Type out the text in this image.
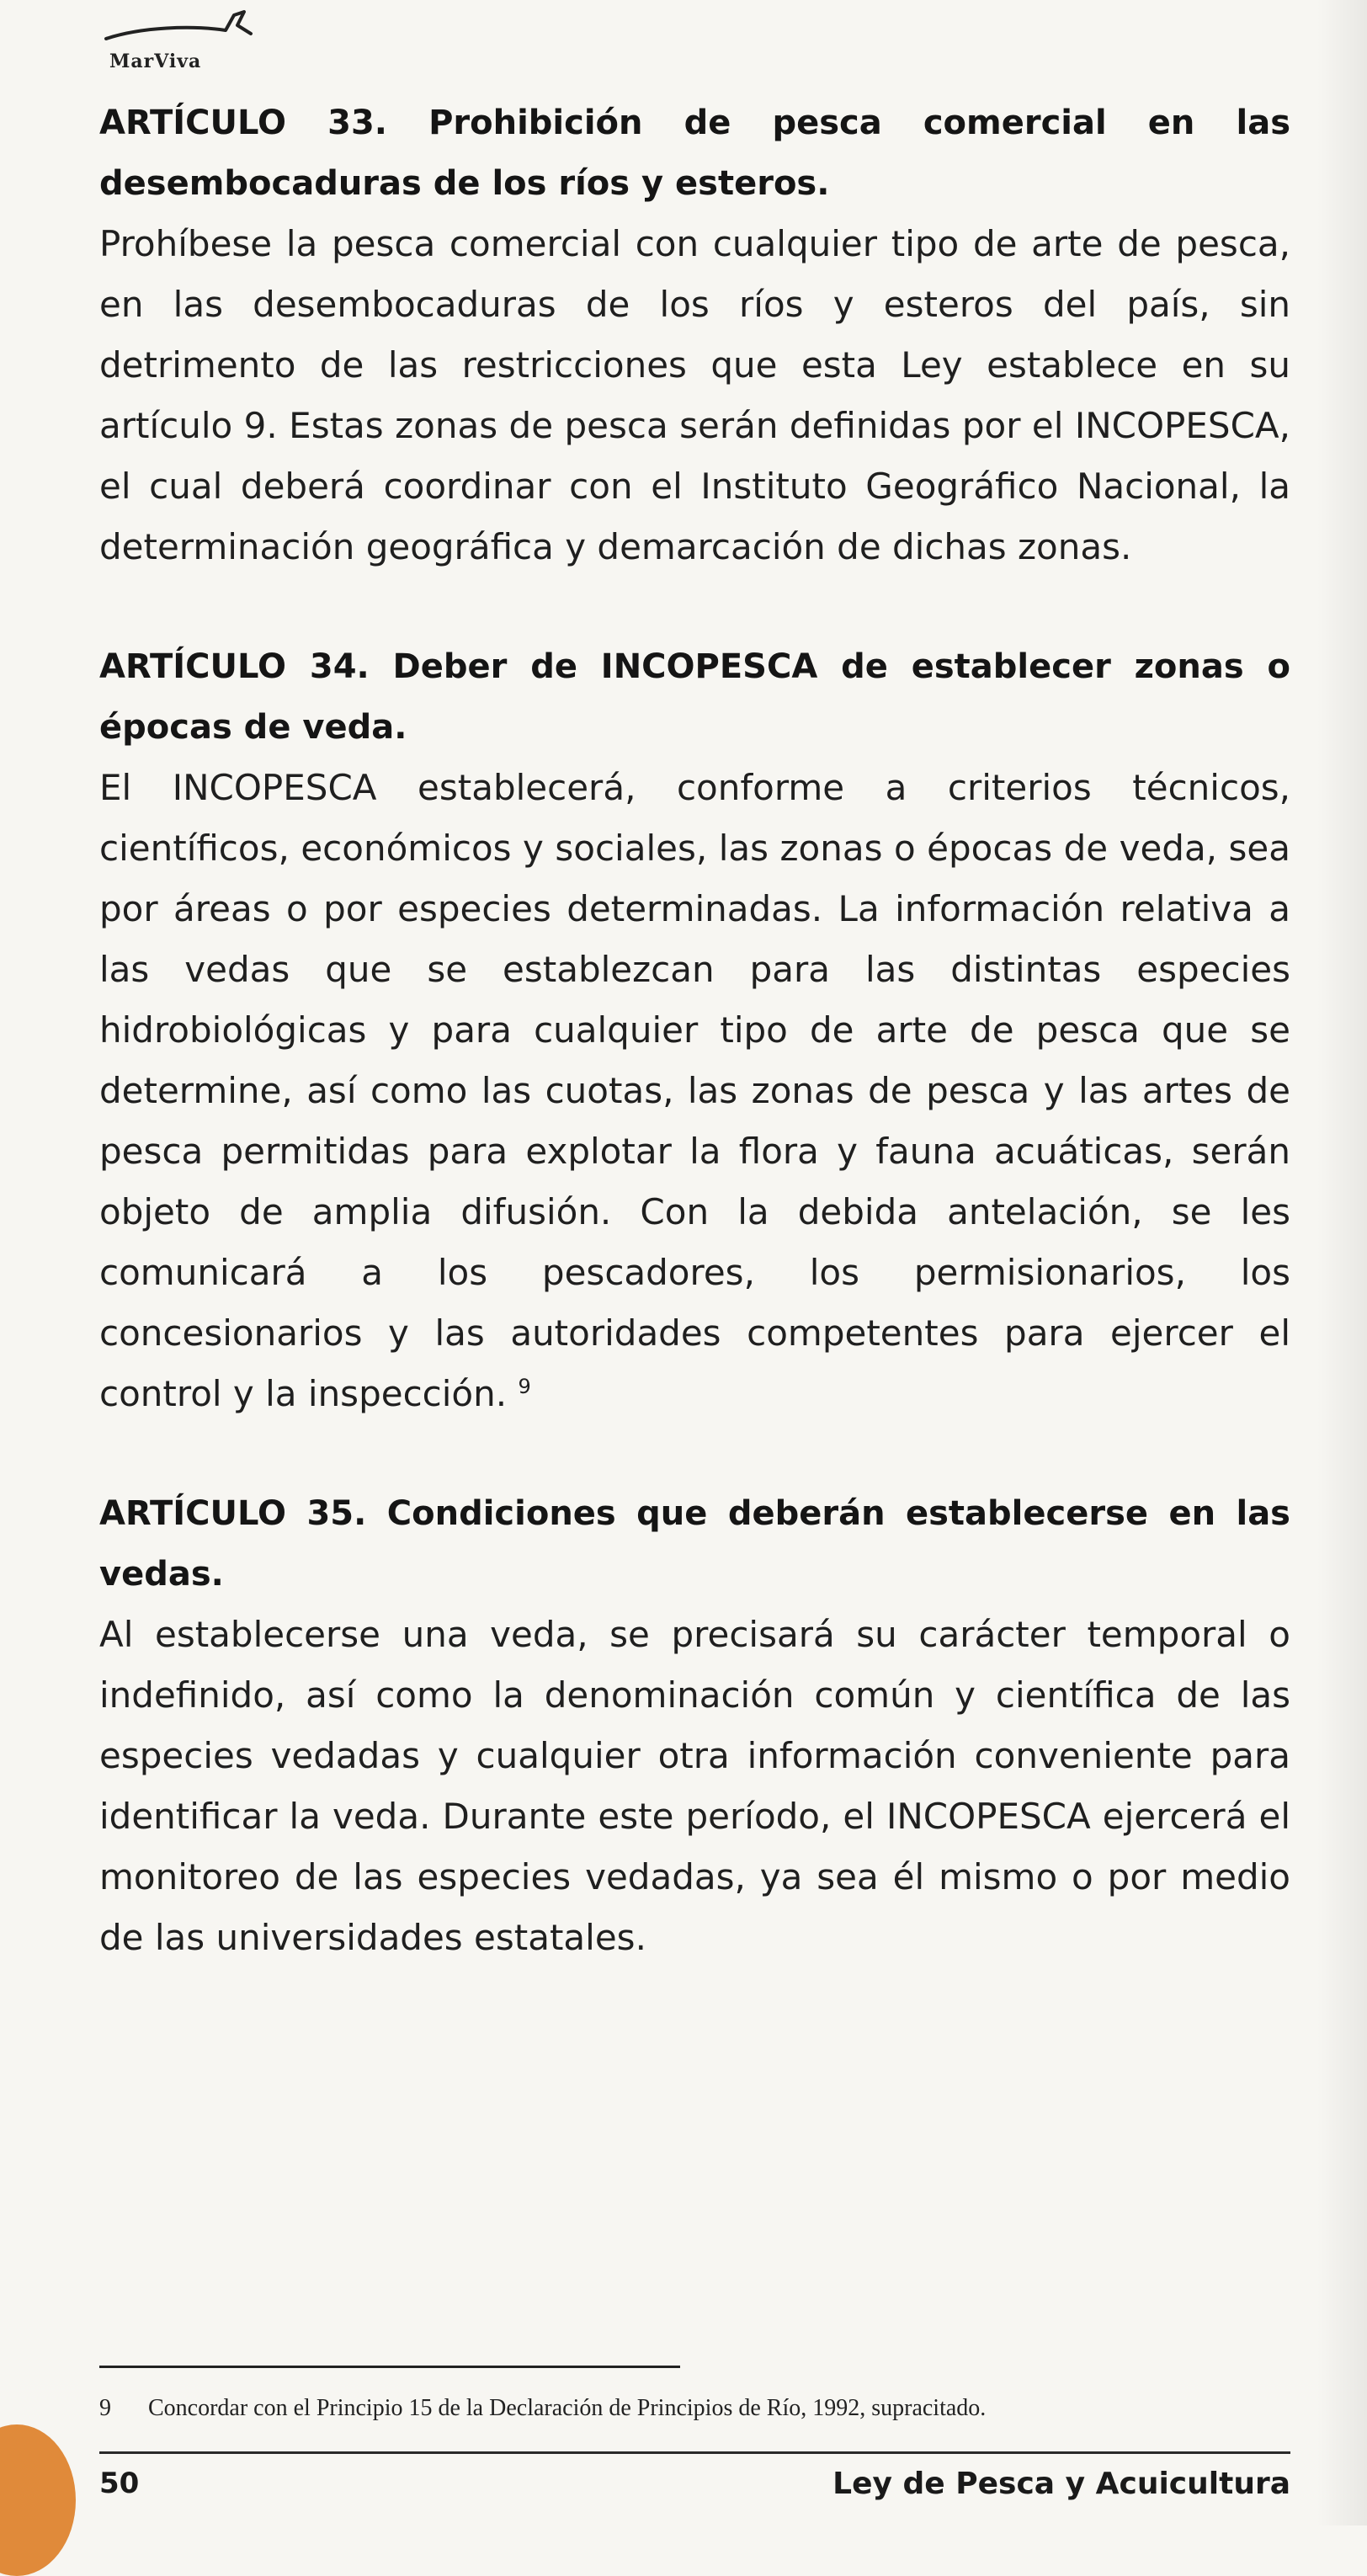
MarViva
ARTÍCULO 33. Prohibición de pesca comercial en las desembocaduras de los ríos y esteros.

Prohíbese la pesca comercial con cualquier tipo de arte de pesca, en las desembocaduras de los ríos y esteros del país, sin detrimento de las restricciones que esta Ley establece en su artículo 9. Estas zonas de pesca serán definidas por el INCOPESCA, el cual deberá coordinar con el Instituto Geográfico Nacional, la determinación geográfica y demarcación de dichas zonas.

ARTÍCULO 34. Deber de INCOPESCA de establecer zonas o épocas de veda.

El INCOPESCA establecerá, conforme a criterios técnicos, científicos, económicos y sociales, las zonas o épocas de veda, sea por áreas o por especies determinadas. La información relativa a las vedas que se establezcan para las distintas especies hidrobiológicas y para cualquier tipo de arte de pesca que se determine, así como las cuotas, las zonas de pesca y las artes de pesca permitidas para explotar la flora y fauna acuáticas, serán objeto de amplia difusión. Con la debida antelación, se les comunicará a los pescadores, los permisionarios, los concesionarios y las autoridades competentes para ejercer el control y la inspección. $^9$

ARTÍCULO 35. Condiciones que deberán establecerse en las vedas.

Al establecerse una veda, se precisará su carácter temporal o indefinido, así como la denominación común y científica de las especies vedadas y cualquier otra información conveniente para identificar la veda. Durante este período, el INCOPESCA ejercerá el monitoreo de las especies vedadas, ya sea él mismo o por medio de las universidades estatales.

9 Concordar con el Principio 15 de la Declaración de Principios de Río, 1992, supracitado.
50	Ley de Pesca y Acuicultura
